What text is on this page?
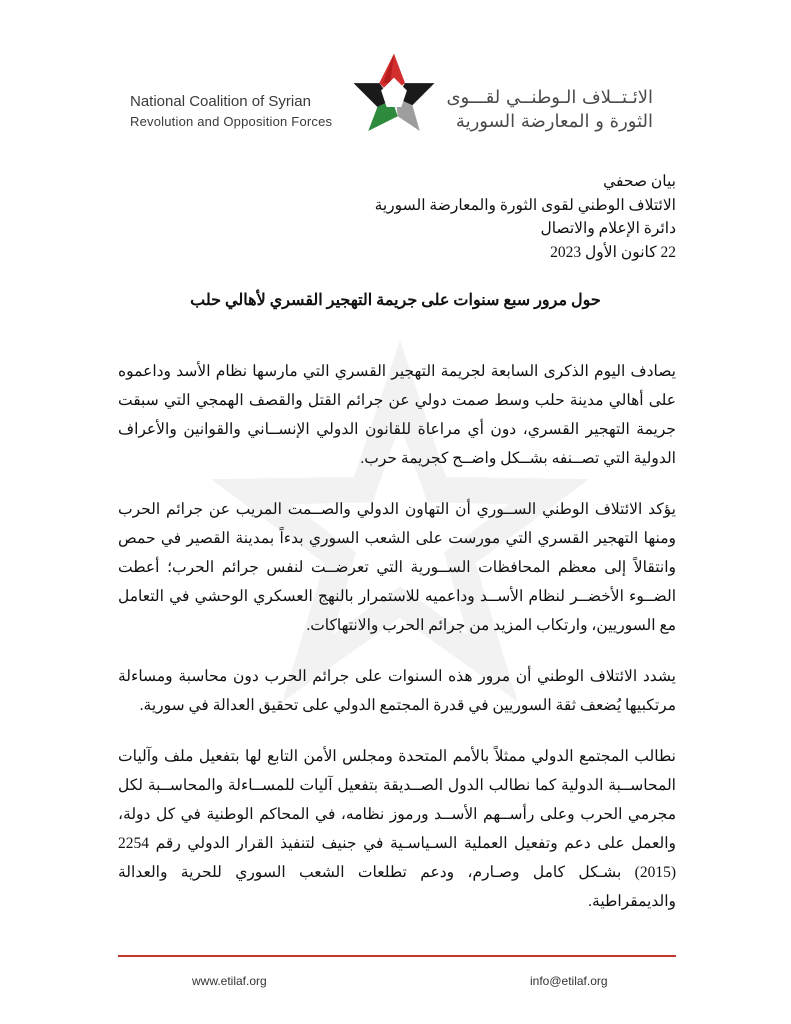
National Coalition of Syrian
Revolution and Opposition Forces
الائـتــلاف الـوطنــي لقـــوى
الثورة و المعارضة السورية
بيان صحفي
الائتلاف الوطني لقوى الثورة والمعارضة السورية
دائرة الإعلام والاتصال
22 كانون الأول 2023
حول مرور سبع سنوات على جريمة التهجير القسري لأهالي حلب

يصادف اليوم الذكرى السابعة لجريمة التهجير القسري التي مارسها نظام الأسد وداعموه على أهالي مدينة حلب وسط صمت دولي عن جرائم القتل والقصف الهمجي التي سبقت جريمة التهجير القسري، دون أي مراعاة للقانون الدولي الإنســاني والقوانين والأعراف الدولية التي تصــنفه بشــكل واضــح كجريمة حرب.

يؤكد الائتلاف الوطني الســوري أن التهاون الدولي والصــمت المريب عن جرائم الحرب ومنها التهجير القسري التي مورست على الشعب السوري بدءاً بمدينة القصير في حمص وانتقالاً إلى معظم المحافظات الســورية التي تعرضــت لنفس جرائم الحرب؛ أعطت الضــوء الأخضــر لنظام الأســد وداعميه للاستمرار بالنهج العسكري الوحشي في التعامل مع السوريين، وارتكاب المزيد من جرائم الحرب والانتهاكات.

يشدد الائتلاف الوطني أن مرور هذه السنوات على جرائم الحرب دون محاسبة ومساءلة مرتكبيها يُضعف ثقة السوريين في قدرة المجتمع الدولي على تحقيق العدالة في سورية.

نطالب المجتمع الدولي ممثلاً بالأمم المتحدة ومجلس الأمن التابع لها بتفعيل ملف وآليات المحاســبة الدولية كما نطالب الدول الصــديقة بتفعيل آليات للمســاءلة والمحاســبة لكل مجرمي الحرب وعلى رأســهم الأســد ورموز نظامه، في المحاكم الوطنية في كل دولة، والعمل على دعم وتفعيل العملية السـياسـية في جنيف لتنفيذ القرار الدولي رقم 2254 (2015) بشـكل كامل وصـارم، ودعم تطلعات الشعب السوري للحرية والعدالة والديمقراطية.

www.etilaf.org	info@etilaf.org
